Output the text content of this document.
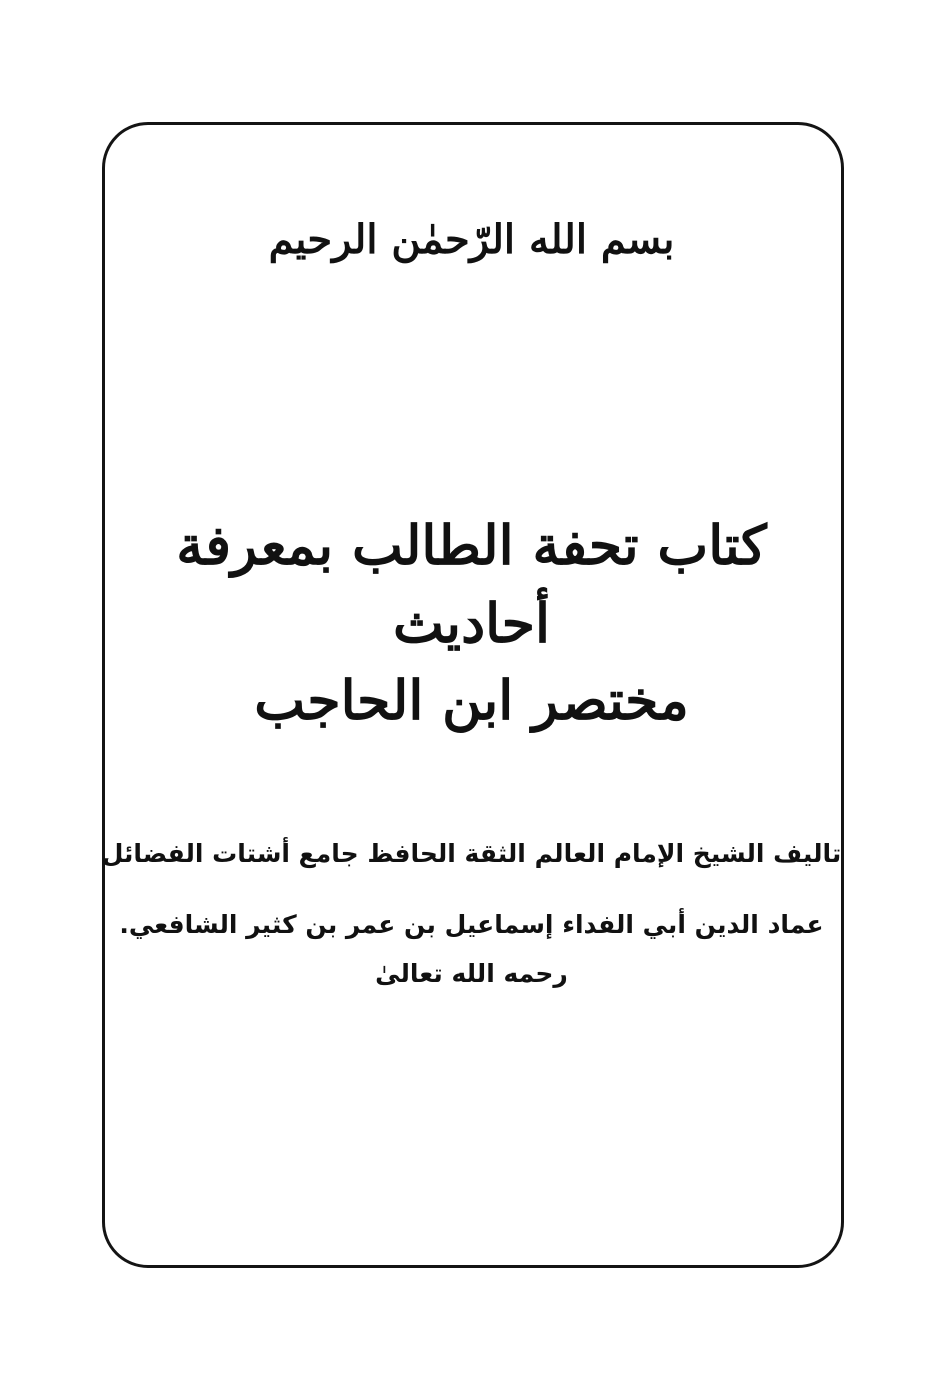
بسم الله الرّحمٰن الرحيم
كتاب تحفة الطالب بمعرفة
أحاديث
مختصر ابن الحاجب
تاليف الشيخ الإمام العالم الثقة الحافظ جامع أشتات الفضائل
عماد الدين أبي الفداء إسماعيل بن عمر بن كثير الشافعي.
رحمه الله تعالىٰ
